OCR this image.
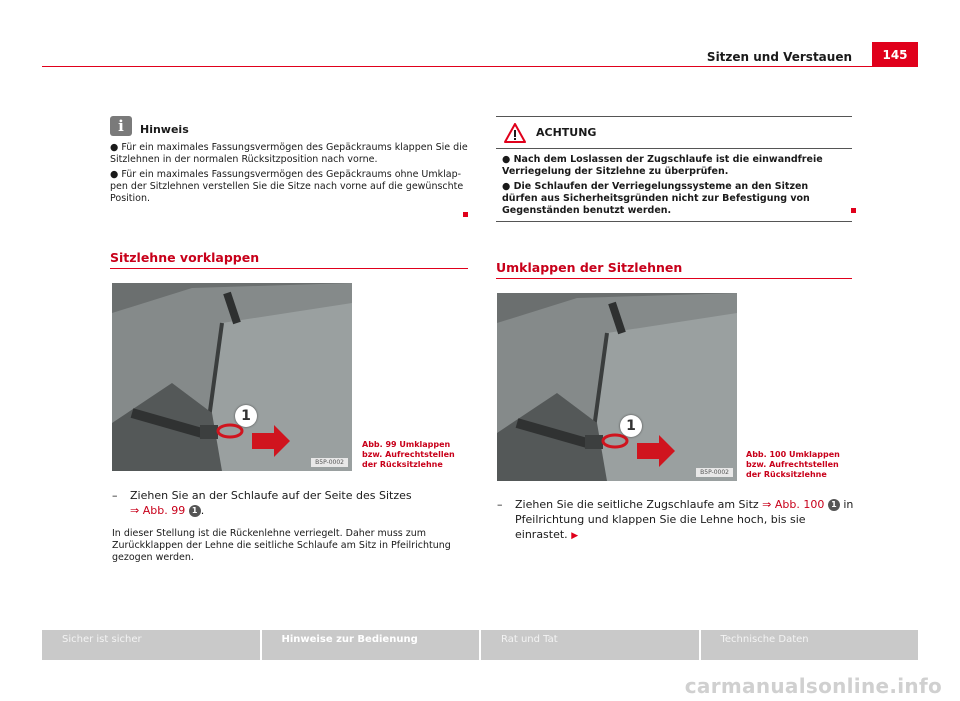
Sitzen und Verstauen	145
i	Hinweis

● Für ein maximales Fassungsvermögen des Gepäckraums klappen Sie die Sitzlehnen in der normalen Rücksitzposition nach vorne.

● Für ein maximales Fassungsvermögen des Gepäckraums ohne Umklappen der Sitzlehnen verstellen Sie die Sitze nach vorne auf die gewünschte Position.

Sitzlehne vorklappen
1
B5P-0002
Abb. 99 Umklappen bzw. Aufrechtstellen der Rücksitzlehne
–	Ziehen Sie an der Schlaufe auf der Seite des Sitzes
⇒ Abb. 99 1 .

In dieser Stellung ist die Rückenlehne verriegelt. Daher muss zum Zurückklappen der Lehne die seitliche Schlaufe am Sitz in Pfeilrichtung gezogen werden.

ACHTUNG

● Nach dem Loslassen der Zugschlaufe ist die einwandfreie Verriegelung der Sitzlehne zu überprüfen.

● Die Schlaufen der Verriegelungssysteme an den Sitzen dürfen aus Sicherheitsgründen nicht zur Befestigung von Gegenständen benutzt werden.

Umklappen der Sitzlehnen
1
B5P-0002
Abb. 100 Umklappen bzw. Aufrechtstellen der Rücksitzlehne
–	Ziehen Sie die seitliche Zugschlaufe am Sitz ⇒ Abb. 100 1 in Pfeilrichtung und klappen Sie die Lehne hoch, bis sie einrastet. ▶
Sicher ist sicher	Hinweise zur Bedienung	Rat und Tat	Technische Daten
carmanualsonline.info
